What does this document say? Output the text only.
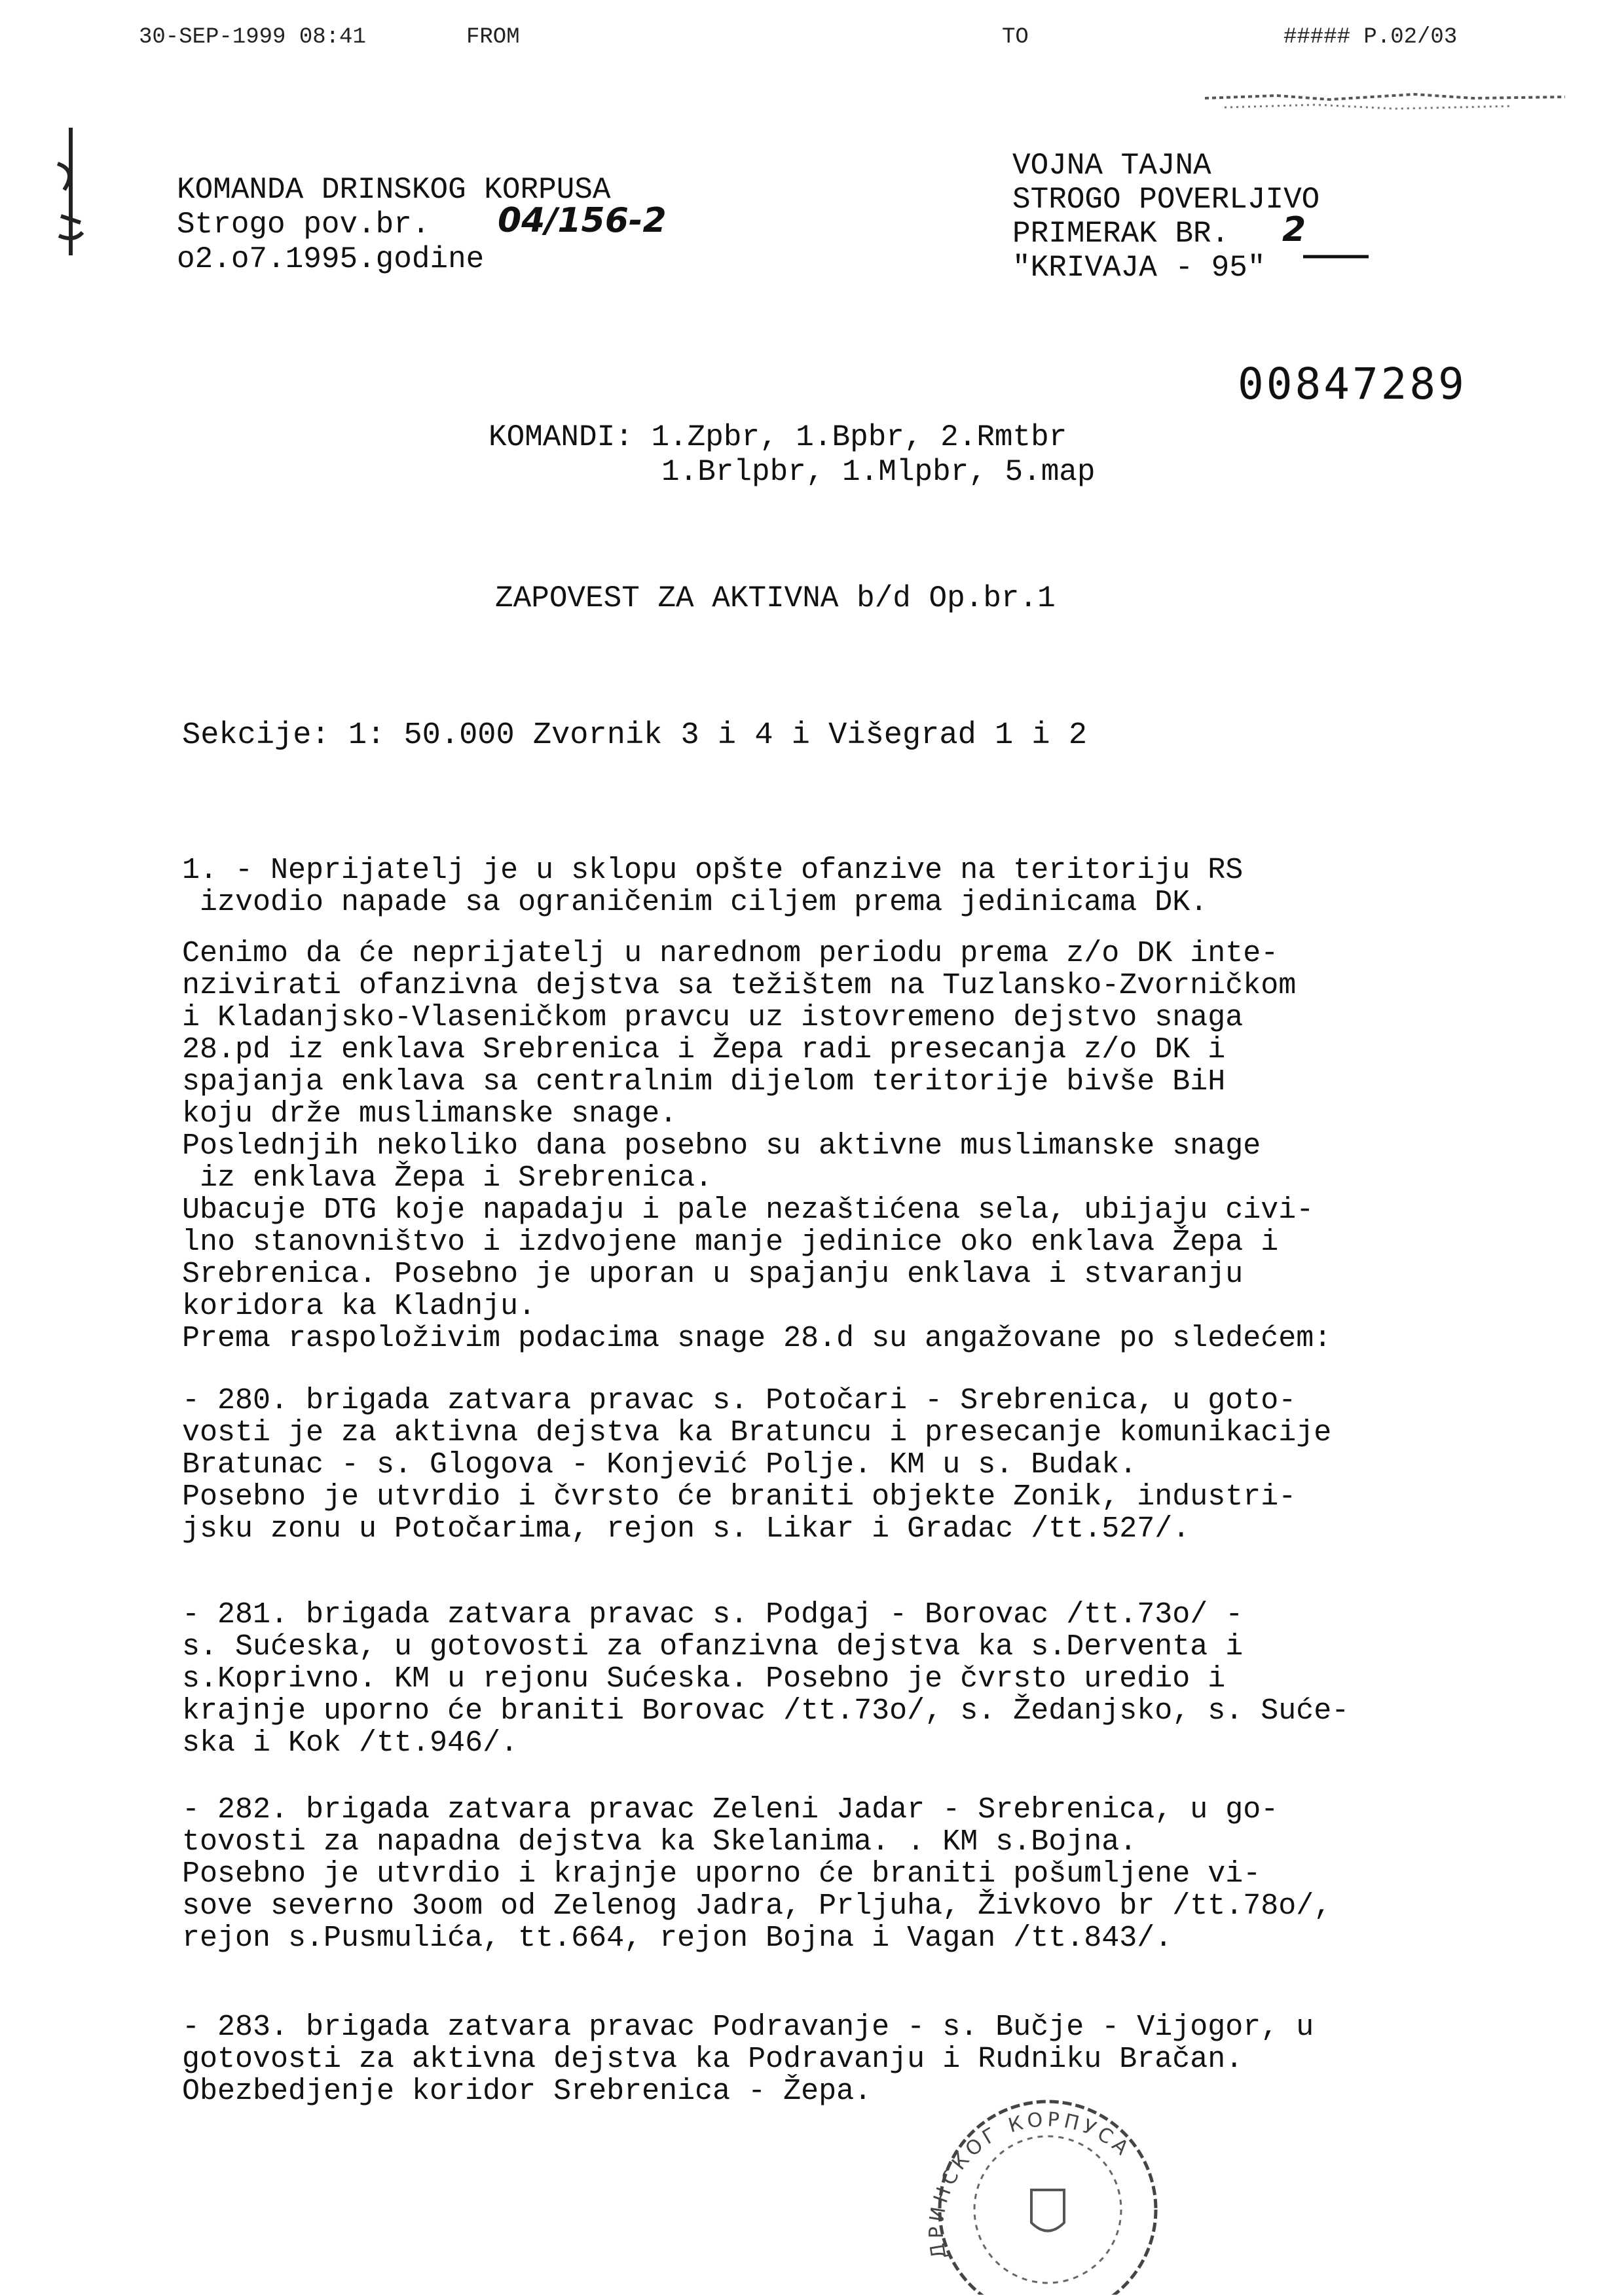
30-SEP-1999 08:41	FROM	TO	##### P.02/03
KOMANDA DRINSKOG KORPUSA
Strogo pov.br. 04/156-2
o2.o7.1995.godine
VOJNA TAJNA
STROGO POVERLJIVO
PRIMERAK BR. 2
"KRIVAJA - 95"
00847289
KOMANDI: 1.Zpbr, 1.Bpbr, 2.Rmtbr
1.Brlpbr, 1.Mlpbr, 5.map
ZAPOVEST ZA AKTIVNA b/d Op.br.1
Sekcije: 1: 50.000 Zvornik 3 i 4 i Višegrad 1 i 2
1. - Neprijatelj je u sklopu opšte ofanzive na teritoriju RS
izvodio napade sa ograničenim ciljem prema jedinicama DK.
Cenimo da će neprijatelj u narednom periodu prema z/o DK inte-
nzivirati ofanzivna dejstva sa težištem na Tuzlansko-Zvorničkom
i Kladanjsko-Vlaseničkom pravcu uz istovremeno dejstvo snaga
28.pd iz enklava Srebrenica i Žepa radi presecanja z/o DK i
spajanja enklava sa centralnim dijelom teritorije bivše BiH
koju drže muslimanske snage.
Poslednjih nekoliko dana posebno su aktivne muslimanske snage
iz enklava Žepa i Srebrenica.
Ubacuje DTG koje napadaju i pale nezaštićena sela, ubijaju civi-
lno stanovništvo i izdvojene manje jedinice oko enklava Žepa i
Srebrenica. Posebno je uporan u spajanju enklava i stvaranju
koridora ka Kladnju.
Prema raspoloživim podacima snage 28.d su angažovane po sledećem:
- 280. brigada zatvara pravac s. Potočari - Srebrenica, u goto-
vosti je za aktivna dejstva ka Bratuncu i presecanje komunikacije
Bratunac - s. Glogova - Konjević Polje. KM u s. Budak.
Posebno je utvrdio i čvrsto će braniti objekte Zonik, industri-
jsku zonu u Potočarima, rejon s. Likar i Gradac /tt.527/.
- 281. brigada zatvara pravac s. Podgaj - Borovac /tt.73o/ -
s. Sućeska, u gotovosti za ofanzivna dejstva ka s.Derventa i
s.Koprivno. KM u rejonu Sućeska. Posebno je čvrsto uredio i
krajnje uporno će braniti Borovac /tt.73o/, s. Žedanjsko, s. Suće-
ska i Kok /tt.946/.
- 282. brigada zatvara pravac Zeleni Jadar - Srebrenica, u go-
tovosti za napadna dejstva ka Skelanima. . KM s.Bojna.
Posebno je utvrdio i krajnje uporno će braniti pošumljene vi-
sove severno 3oom od Zelenog Jadra, Prljuha, Živkovo br /tt.78o/,
rejon s.Pusmulića, tt.664, rejon Bojna i Vagan /tt.843/.
- 283. brigada zatvara pravac Podravanje - s. Bučje - Vijogor, u
gotovosti za aktivna dejstva ka Podravanju i Rudniku Bračan.
Obezbedjenje koridor Srebrenica - Žepa.
ДРИНСКОГ КОРПУСА
